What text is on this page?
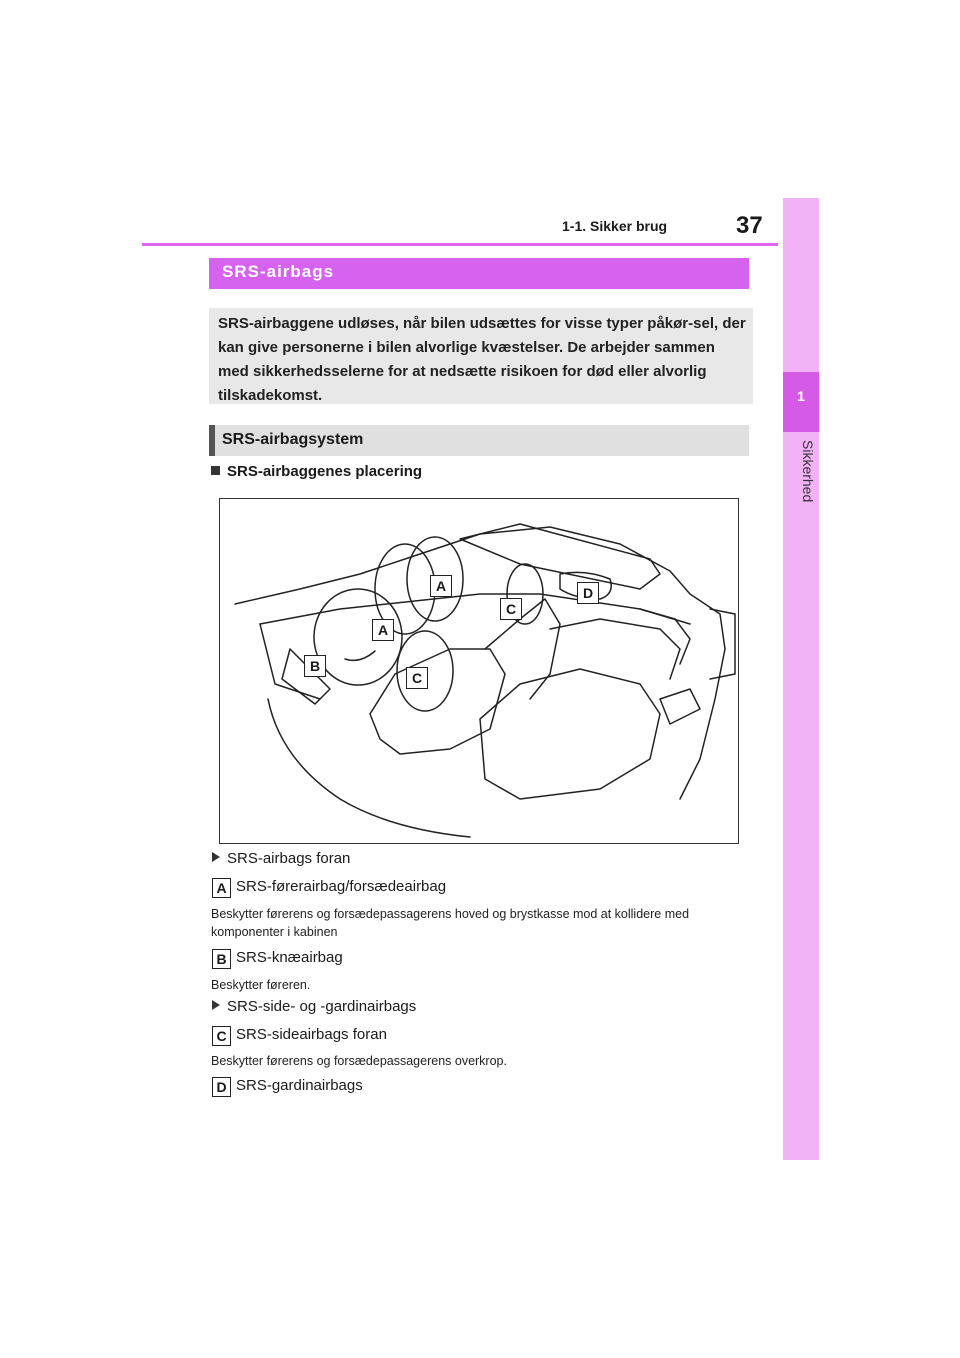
1-1. Sikker brug	37
1
Sikkerhed
SRS-airbags
SRS-airbaggene udløses, når bilen udsættes for visse typer påkør-sel, der kan give personerne i bilen alvorlige kvæstelser. De arbejder sammen med sikkerhedsselerne for at nedsætte risikoen for død eller alvorlig tilskadekomst.
SRS-airbagsystem
SRS-airbaggenes placering
A
A
B
C
C
D
SRS-airbags foran
A SRS-førerairbag/forsædeairbag
Beskytter førerens og forsædepassagerens hoved og brystkasse mod at kollidere med komponenter i kabinen
B SRS-knæairbag
Beskytter føreren.
SRS-side- og -gardinairbags
C SRS-sideairbags foran
Beskytter førerens og forsædepassagerens overkrop.
D SRS-gardinairbags
